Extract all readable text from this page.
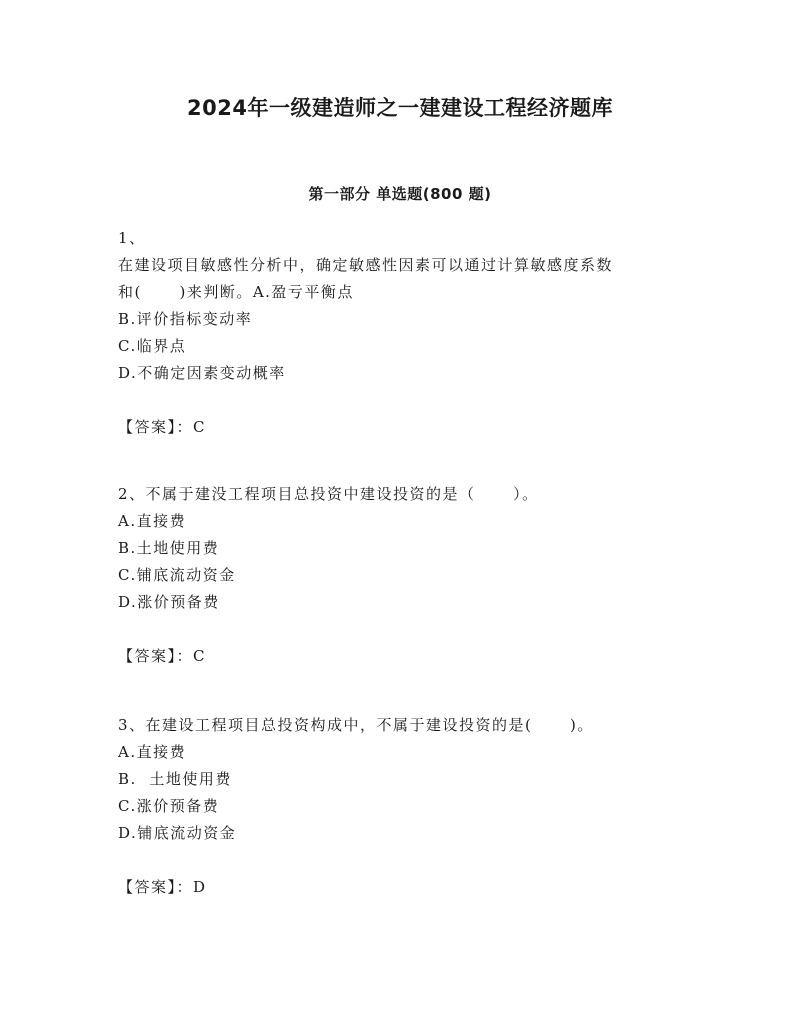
2024年一级建造师之一建建设工程经济题库
第一部分 单选题(800 题)
1、
在建设项目敏感性分析中，确定敏感性因素可以通过计算敏感度系数
和(      )来判断。A.盈亏平衡点
B.评价指标变动率
C.临界点
D.不确定因素变动概率
【答案】：C
2、不属于建没工程项目总投资中建设投资的是（      ）。
A.直接费
B.土地使用费
C.铺底流动资金
D.涨价预备费
【答案】：C
3、在建设工程项目总投资构成中，不属于建设投资的是(      )。
A.直接费
B.  土地使用费
C.涨价预备费
D.铺底流动资金
【答案】：D
